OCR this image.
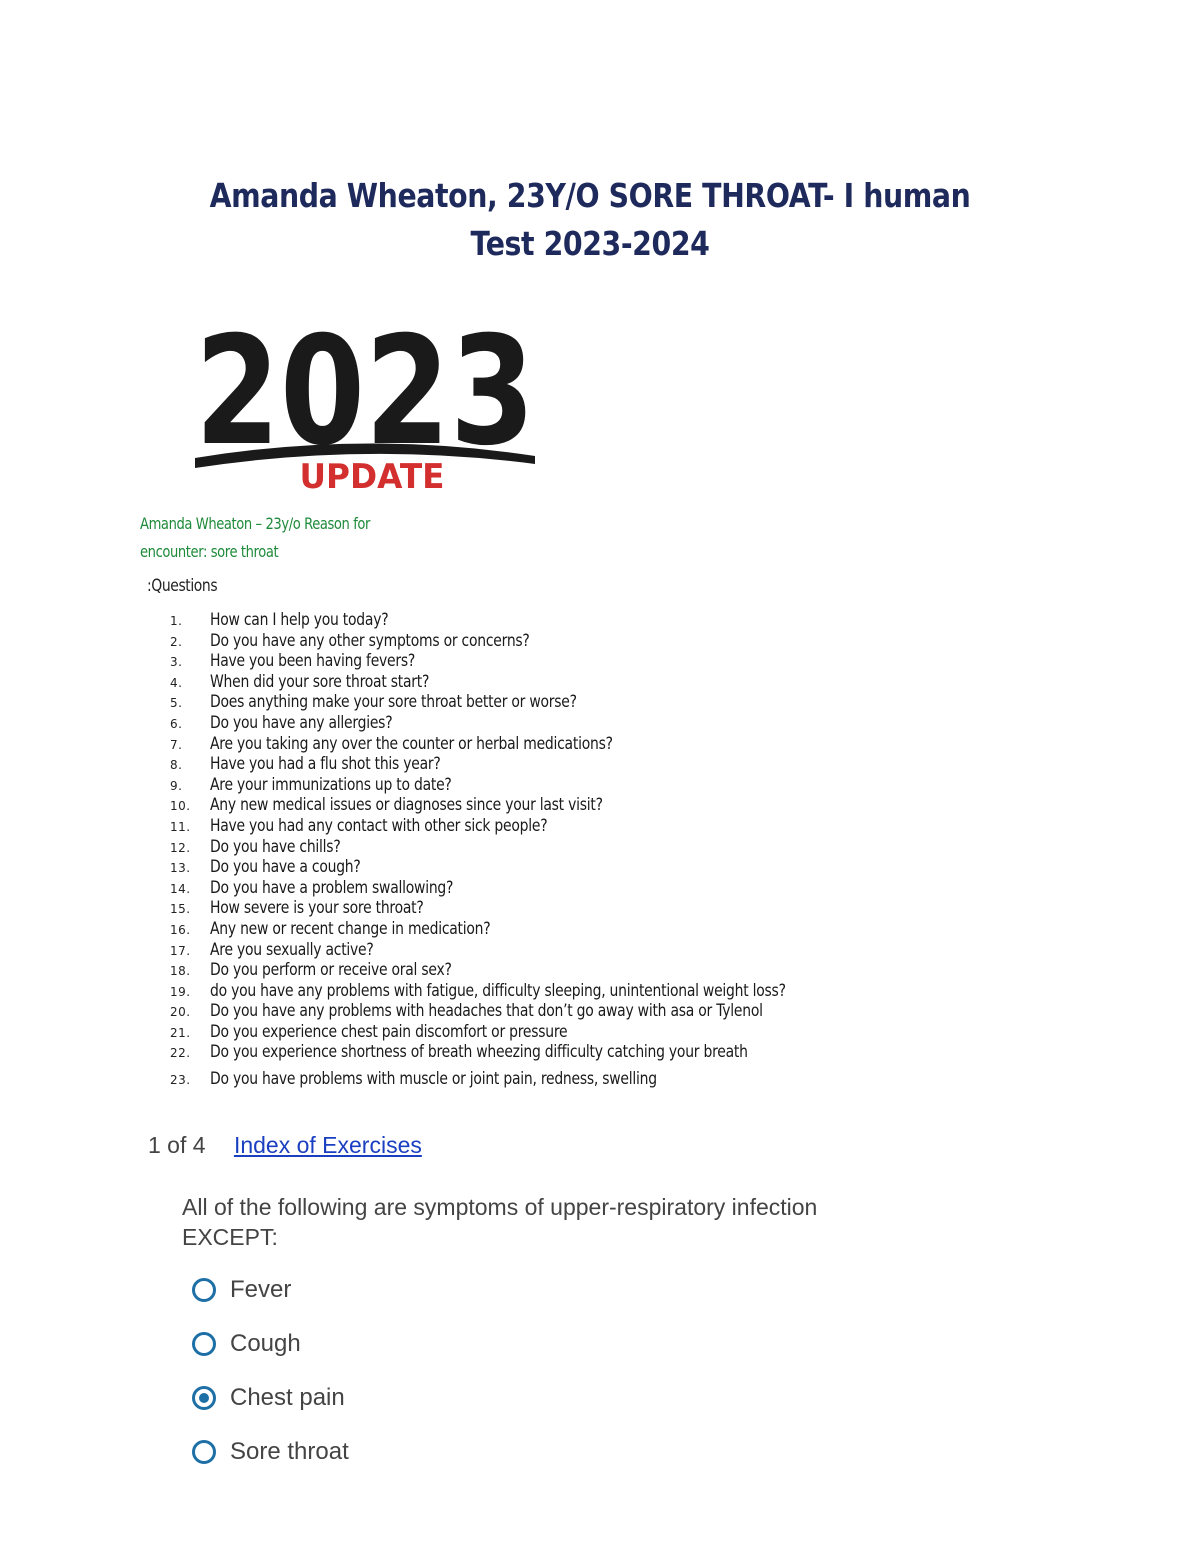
Amanda Wheaton, 23Y/O SORE THROAT- I human Test 2023-2024
2023
UPDATE
Amanda Wheaton – 23y/o Reason for
encounter: sore throat
:Questions
1.	How can I help you today?
2.	Do you have any other symptoms or concerns?
3.	Have you been having fevers?
4.	When did your sore throat start?
5.	Does anything make your sore throat better or worse?
6.	Do you have any allergies?
7.	Are you taking any over the counter or herbal medications?
8.	Have you had a flu shot this year?
9.	Are your immunizations up to date?
10.	Any new medical issues or diagnoses since your last visit?
11.	Have you had any contact with other sick people?
12.	Do you have chills?
13.	Do you have a cough?
14.	Do you have a problem swallowing?
15.	How severe is your sore throat?
16.	Any new or recent change in medication?
17.	Are you sexually active?
18.	Do you perform or receive oral sex?
19.	do you have any problems with fatigue, difficulty sleeping, unintentional weight loss?
20.	Do you have any problems with headaches that don’t go away with asa or Tylenol
21.	Do you experience chest pain discomfort or pressure
22.	Do you experience shortness of breath wheezing difficulty catching your breath
23.	Do you have problems with muscle or joint pain, redness, swelling
1 of 4 Index of Exercises
All of the following are symptoms of upper-respiratory infection EXCEPT:
Fever
Cough
Chest pain
Sore throat
